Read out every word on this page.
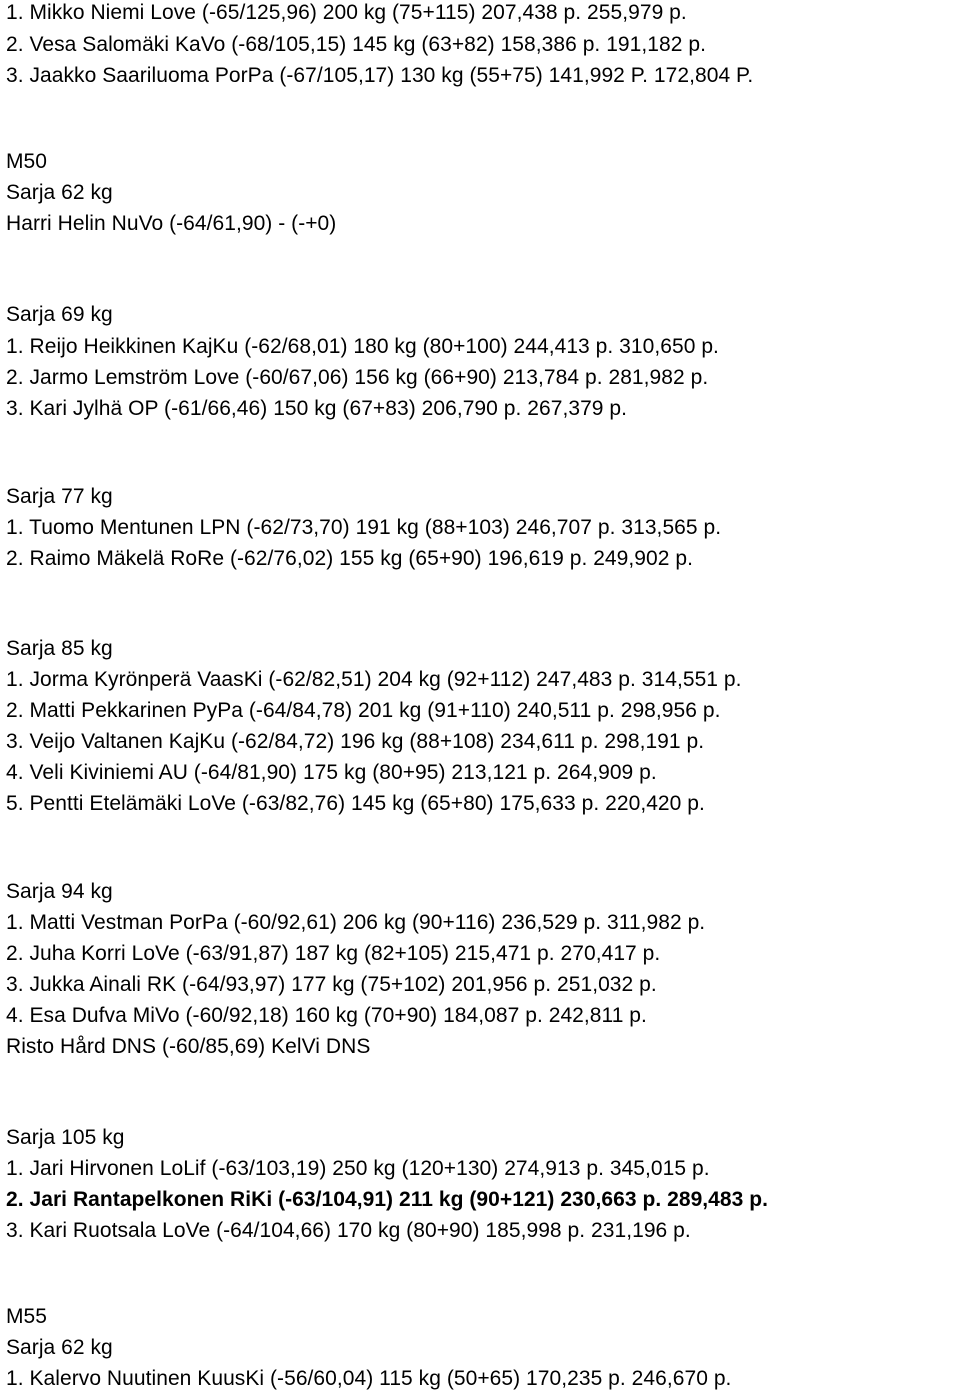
1. Mikko Niemi Love (-65/125,96) 200 kg (75+115) 207,438 p. 255,979 p.
2. Vesa Salomäki KaVo (-68/105,15) 145 kg (63+82) 158,386 p. 191,182 p.
3. Jaakko Saariluoma PorPa (-67/105,17) 130 kg (55+75) 141,992 P. 172,804 P.
M50
Sarja 62 kg
Harri Helin NuVo (-64/61,90) - (-+0)
Sarja 69 kg
1. Reijo Heikkinen KajKu (-62/68,01) 180 kg (80+100) 244,413 p. 310,650 p.
2. Jarmo Lemström Love (-60/67,06) 156 kg (66+90) 213,784 p. 281,982 p.
3. Kari Jylhä OP (-61/66,46) 150 kg (67+83) 206,790 p. 267,379 p.
Sarja 77 kg
1. Tuomo Mentunen LPN (-62/73,70) 191 kg (88+103) 246,707 p. 313,565 p.
2. Raimo Mäkelä RoRe (-62/76,02) 155 kg (65+90) 196,619 p. 249,902 p.
Sarja 85 kg
1. Jorma Kyrönperä VaasKi (-62/82,51) 204 kg (92+112) 247,483 p. 314,551 p.
2. Matti Pekkarinen PyPa (-64/84,78) 201 kg (91+110) 240,511 p. 298,956 p.
3. Veijo Valtanen KajKu (-62/84,72) 196 kg (88+108) 234,611 p. 298,191 p.
4. Veli Kiviniemi AU (-64/81,90) 175 kg (80+95) 213,121 p. 264,909 p.
5. Pentti Etelämäki LoVe (-63/82,76) 145 kg (65+80) 175,633 p. 220,420 p.
Sarja 94 kg
1. Matti Vestman PorPa (-60/92,61) 206 kg (90+116) 236,529 p. 311,982 p.
2. Juha Korri LoVe (-63/91,87) 187 kg (82+105) 215,471 p. 270,417 p.
3. Jukka Ainali RK (-64/93,97) 177 kg (75+102) 201,956 p. 251,032 p.
4. Esa Dufva MiVo (-60/92,18) 160 kg (70+90) 184,087 p. 242,811 p.
Risto Hård DNS (-60/85,69) KelVi DNS
Sarja 105 kg
1. Jari Hirvonen LoLif (-63/103,19) 250 kg (120+130) 274,913 p. 345,015 p.
2. Jari Rantapelkonen RiKi (-63/104,91) 211 kg (90+121) 230,663 p. 289,483 p.
3. Kari Ruotsala LoVe (-64/104,66) 170 kg (80+90) 185,998 p. 231,196 p.
M55
Sarja 62 kg
1. Kalervo Nuutinen KuusKi (-56/60,04) 115 kg (50+65) 170,235 p. 246,670 p.
